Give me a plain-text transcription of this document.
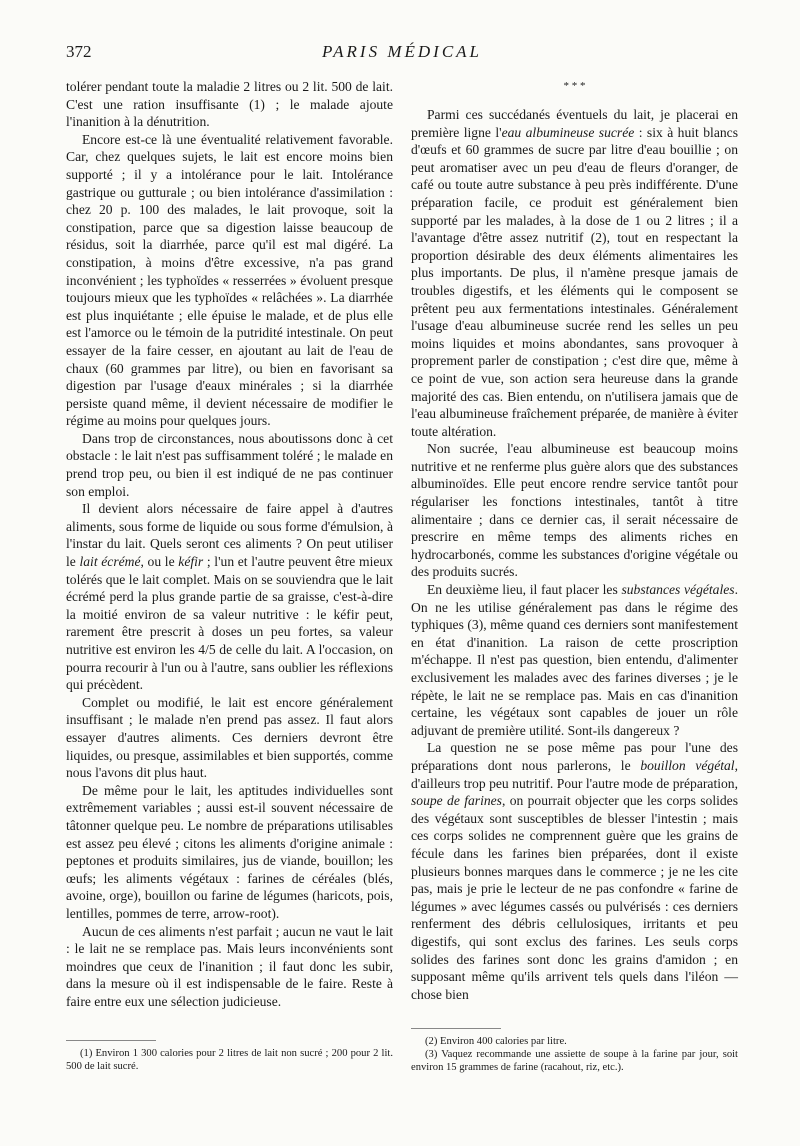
372	PARIS MÉDICAL

tolérer pendant toute la maladie 2 litres ou 2 lit. 500 de lait. C'est une ration insuffisante (1) ; le malade ajoute l'inanition à la dénutrition.

Encore est-ce là une éventualité relativement favorable. Car, chez quelques sujets, le lait est encore moins bien supporté ; il y a intolérance pour le lait. Intolérance gastrique ou gutturale ; ou bien intolérance d'assimilation : chez 20 p. 100 des malades, le lait provoque, soit la constipation, parce que sa digestion laisse beaucoup de résidus, soit la diarrhée, parce qu'il est mal digéré. La constipation, à moins d'être excessive, n'a pas grand inconvénient ; les typhoïdes « resserrées » évoluent presque toujours mieux que les typhoïdes « relâchées ». La diarrhée est plus inquiétante ; elle épuise le malade, et de plus elle est l'amorce ou le témoin de la putridité intestinale. On peut essayer de la faire cesser, en ajoutant au lait de l'eau de chaux (60 grammes par litre), ou bien en favorisant sa digestion par l'usage d'eaux minérales ; si la diarrhée persiste quand même, il devient nécessaire de modifier le régime au moins pour quelques jours.

Dans trop de circonstances, nous aboutissons donc à cet obstacle : le lait n'est pas suffisamment toléré ; le malade en prend trop peu, ou bien il est indiqué de ne pas continuer son emploi.

Il devient alors nécessaire de faire appel à d'autres aliments, sous forme de liquide ou sous forme d'émulsion, à l'instar du lait. Quels seront ces aliments ? On peut utiliser le lait écrémé, ou le kéfir ; l'un et l'autre peuvent être mieux tolérés que le lait complet. Mais on se souviendra que le lait écrémé perd la plus grande partie de sa graisse, c'est-à-dire la moitié environ de sa valeur nutritive : le kéfir peut, rarement être prescrit à doses un peu fortes, sa valeur nutritive est environ les 4/5 de celle du lait. A l'occasion, on pourra recourir à l'un ou à l'autre, sans oublier les réflexions qui précèdent.

Complet ou modifié, le lait est encore généralement insuffisant ; le malade n'en prend pas assez. Il faut alors essayer d'autres aliments. Ces derniers devront être liquides, ou presque, assimilables et bien supportés, comme nous l'avons dit plus haut.

De même pour le lait, les aptitudes individuelles sont extrêmement variables ; aussi est-il souvent nécessaire de tâtonner quelque peu. Le nombre de préparations utilisables est assez peu élevé ; citons les aliments d'origine animale : peptones et produits similaires, jus de viande, bouillon; les œufs; les aliments végétaux : farines de céréales (blés, avoine, orge), bouillon ou farine de légumes (haricots, pois, lentilles, pommes de terre, arrow-root).

Aucun de ces aliments n'est parfait ; aucun ne vaut le lait : le lait ne se remplace pas. Mais leurs inconvénients sont moindres que ceux de l'inanition ; il faut donc les subir, dans la mesure où il est indispensable de le faire. Reste à faire entre eux une sélection judicieuse.

* * *

Parmi ces succédanés éventuels du lait, je placerai en première ligne l'eau albumineuse sucrée : six à huit blancs d'œufs et 60 grammes de sucre par litre d'eau bouillie ; on peut aromatiser avec un peu d'eau de fleurs d'oranger, de café ou toute autre substance à peu près indifférente. D'une préparation facile, ce produit est généralement bien supporté par les malades, à la dose de 1 ou 2 litres ; il a l'avantage d'être assez nutritif (2), tout en respectant la proportion désirable des deux éléments alimentaires les plus importants. De plus, il n'amène presque jamais de troubles digestifs, et les éléments qui le composent se prêtent peu aux fermentations intestinales. Généralement l'usage d'eau albumineuse sucrée rend les selles un peu moins liquides et moins abondantes, sans provoquer à proprement parler de constipation ; c'est dire que, même à ce point de vue, son action sera heureuse dans la grande majorité des cas. Bien entendu, on n'utilisera jamais que de l'eau albumineuse fraîchement préparée, de manière à éviter toute altération.

Non sucrée, l'eau albumineuse est beaucoup moins nutritive et ne renferme plus guère alors que des substances albuminoïdes. Elle peut encore rendre service tantôt pour régulariser les fonctions intestinales, tantôt à titre alimentaire ; dans ce dernier cas, il serait nécessaire de prescrire en même temps des aliments riches en hydrocarbonés, comme les substances d'origine végétale ou des produits sucrés.

En deuxième lieu, il faut placer les substances végétales. On ne les utilise généralement pas dans le régime des typhiques (3), même quand ces derniers sont manifestement en état d'inanition. La raison de cette proscription m'échappe. Il n'est pas question, bien entendu, d'alimenter exclusivement les malades avec des farines diverses ; je le répète, le lait ne se remplace pas. Mais en cas d'inanition certaine, les végétaux sont capables de jouer un rôle adjuvant de première utilité. Sont-ils dangereux ?

La question ne se pose même pas pour l'une des préparations dont nous parlerons, le bouillon végétal, d'ailleurs trop peu nutritif. Pour l'autre mode de préparation, soupe de farines, on pourrait objecter que les corps solides des végétaux sont susceptibles de blesser l'intestin ; mais ces corps solides ne comprennent guère que les grains de fécule dans les farines bien préparées, dont il existe plusieurs bonnes marques dans le commerce ; je ne les cite pas, mais je prie le lecteur de ne pas confondre « farine de légumes » avec légumes cassés ou pulvérisés : ces derniers renferment des débris cellulosiques, irritants et peu digestifs, qui sont exclus des farines. Les seuls corps solides des farines sont donc les grains d'amidon ; en supposant même qu'ils arrivent tels quels dans l'iléon — chose bien

(1) Environ 1 300 calories pour 2 litres de lait non sucré ; 200 pour 2 lit. 500 de lait sucré.

(2) Environ 400 calories par litre.

(3) Vaquez recommande une assiette de soupe à la farine par jour, soit environ 15 grammes de farine (racahout, riz, etc.).
